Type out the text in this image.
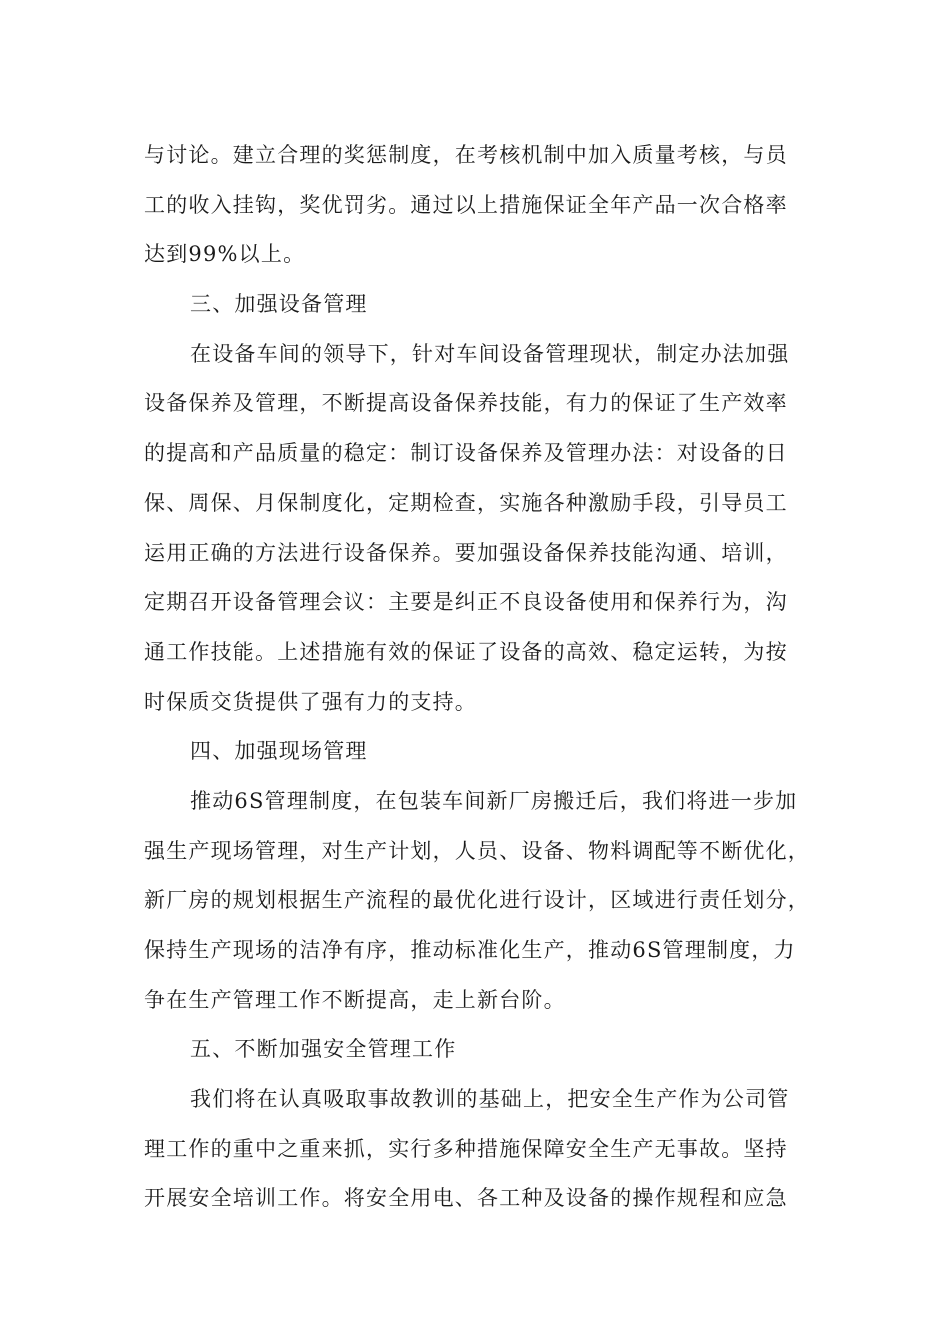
与讨论。建立合理的奖惩制度，在考核机制中加入质量考核，与员
工的收入挂钩，奖优罚劣。通过以上措施保证全年产品一次合格率
达到99%以上。
三、加强设备管理
在设备车间的领导下，针对车间设备管理现状，制定办法加强
设备保养及管理，不断提高设备保养技能，有力的保证了生产效率
的提高和产品质量的稳定：制订设备保养及管理办法：对设备的日
保、周保、月保制度化，定期检查，实施各种激励手段，引导员工
运用正确的方法进行设备保养。要加强设备保养技能沟通、培训，
定期召开设备管理会议：主要是纠正不良设备使用和保养行为，沟
通工作技能。上述措施有效的保证了设备的高效、稳定运转，为按
时保质交货提供了强有力的支持。
四、加强现场管理
推动6S管理制度，在包装车间新厂房搬迁后，我们将进一步加
强生产现场管理，对生产计划，人员、设备、物料调配等不断优化，
新厂房的规划根据生产流程的最优化进行设计，区域进行责任划分，
保持生产现场的洁净有序，推动标准化生产，推动6S管理制度，力
争在生产管理工作不断提高，走上新台阶。
五、不断加强安全管理工作
我们将在认真吸取事故教训的基础上，把安全生产作为公司管
理工作的重中之重来抓，实行多种措施保障安全生产无事故。坚持
开展安全培训工作。将安全用电、各工种及设备的操作规程和应急
